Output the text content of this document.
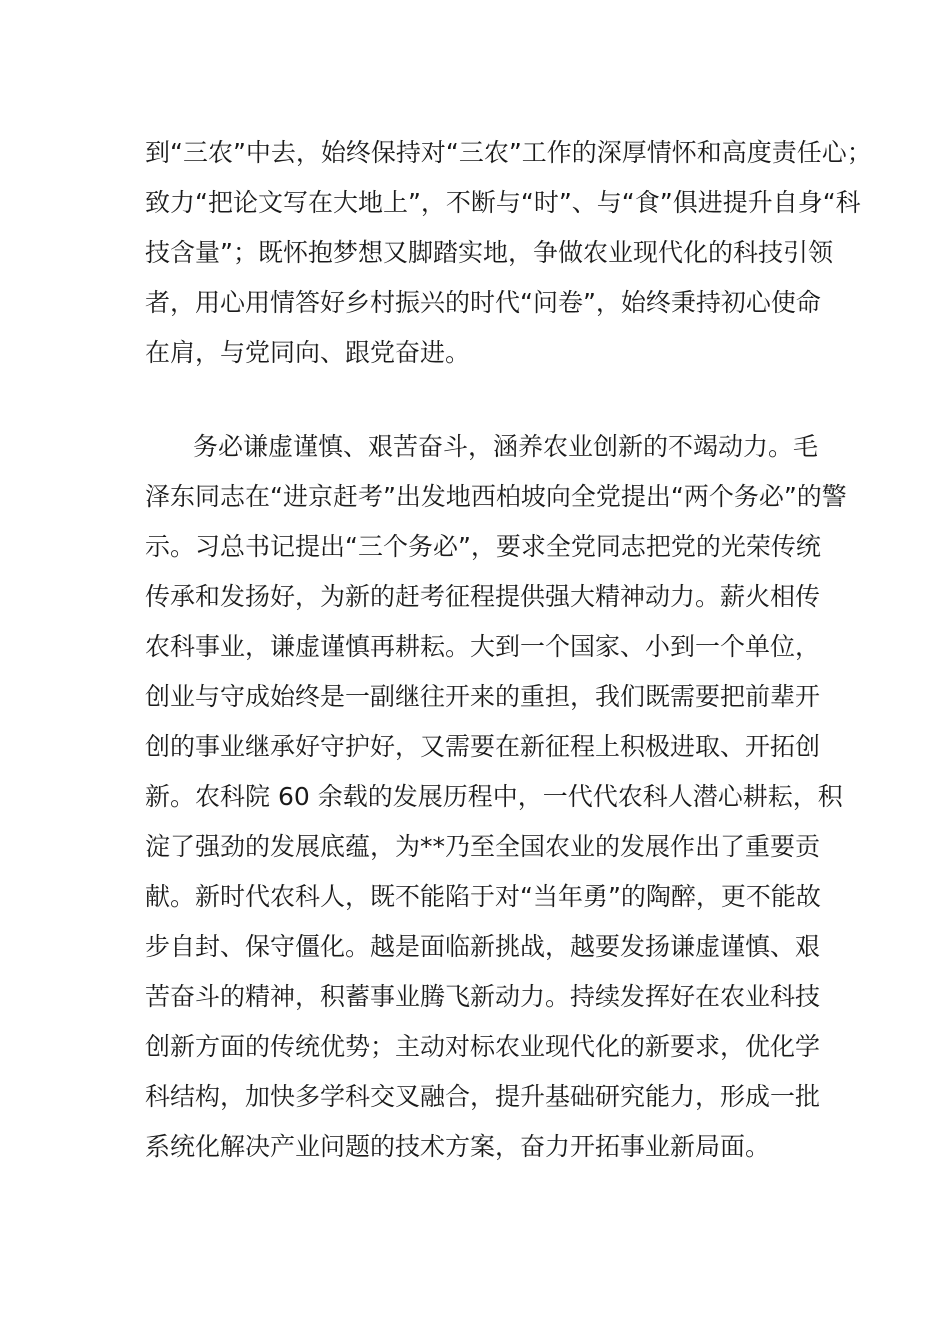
到“三农”中去，始终保持对“三农”工作的深厚情怀和高度责任心；
致力“把论文写在大地上”，不断与“时”、与“食”俱进提升自身“科
技含量”；既怀抱梦想又脚踏实地，争做农业现代化的科技引领
者，用心用情答好乡村振兴的时代“问卷”，始终秉持初心使命
在肩，与党同向、跟党奋进。
务必谦虚谨慎、艰苦奋斗，涵养农业创新的不竭动力。毛
泽东同志在“进京赶考”出发地西柏坡向全党提出“两个务必”的警
示。习总书记提出“三个务必”，要求全党同志把党的光荣传统
传承和发扬好，为新的赶考征程提供强大精神动力。薪火相传
农科事业，谦虚谨慎再耕耘。大到一个国家、小到一个单位，
创业与守成始终是一副继往开来的重担，我们既需要把前辈开
创的事业继承好守护好，又需要在新征程上积极进取、开拓创
新。农科院 60 余载的发展历程中，一代代农科人潜心耕耘，积
淀了强劲的发展底蕴，为**乃至全国农业的发展作出了重要贡
献。新时代农科人，既不能陷于对“当年勇”的陶醉，更不能故
步自封、保守僵化。越是面临新挑战，越要发扬谦虚谨慎、艰
苦奋斗的精神，积蓄事业腾飞新动力。持续发挥好在农业科技
创新方面的传统优势；主动对标农业现代化的新要求，优化学
科结构，加快多学科交叉融合，提升基础研究能力，形成一批
系统化解决产业问题的技术方案，奋力开拓事业新局面。
